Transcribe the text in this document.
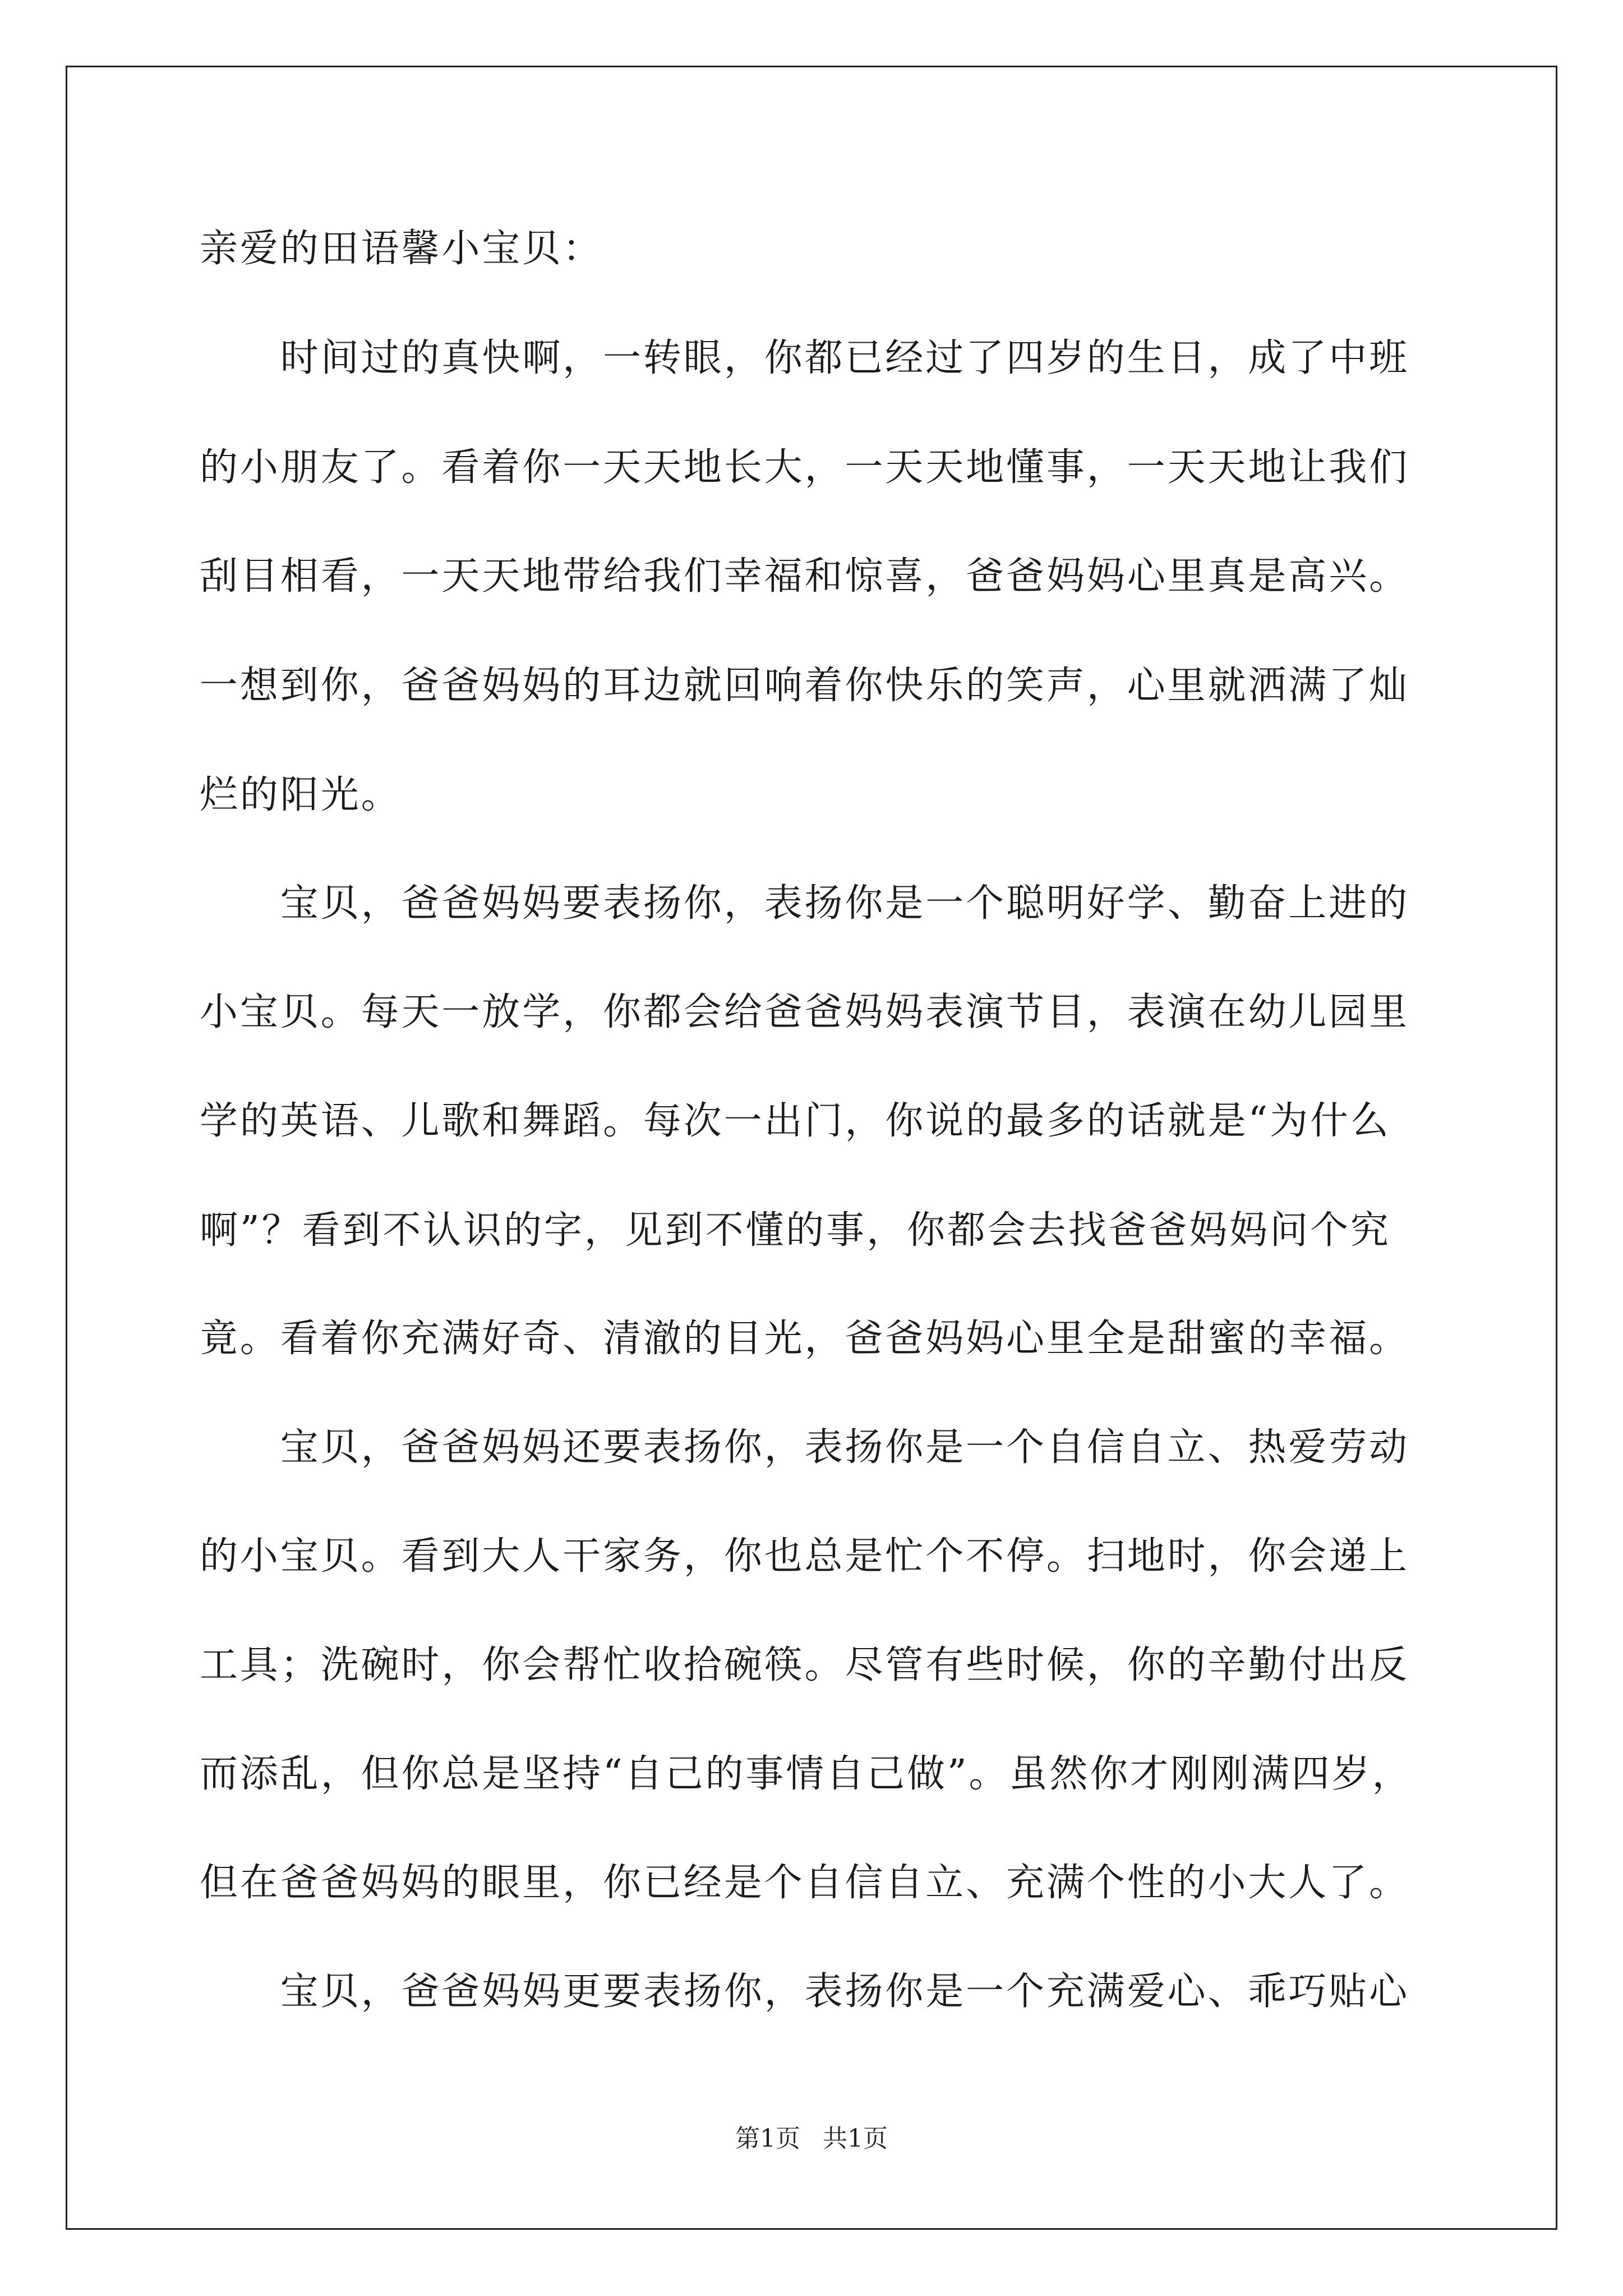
亲爱的田语馨小宝贝：

　　时间过的真快啊，一转眼，你都已经过了四岁的生日，成了中班

的小朋友了。看着你一天天地长大，一天天地懂事，一天天地让我们

刮目相看，一天天地带给我们幸福和惊喜，爸爸妈妈心里真是高兴。

一想到你，爸爸妈妈的耳边就回响着你快乐的笑声，心里就洒满了灿

烂的阳光。

　　宝贝，爸爸妈妈要表扬你，表扬你是一个聪明好学、勤奋上进的

小宝贝。每天一放学，你都会给爸爸妈妈表演节目，表演在幼儿园里

学的英语、儿歌和舞蹈。每次一出门，你说的最多的话就是“为什么

啊”？看到不认识的字，见到不懂的事，你都会去找爸爸妈妈问个究

竟。看着你充满好奇、清澈的目光，爸爸妈妈心里全是甜蜜的幸福。

　　宝贝，爸爸妈妈还要表扬你，表扬你是一个自信自立、热爱劳动

的小宝贝。看到大人干家务，你也总是忙个不停。扫地时，你会递上

工具；洗碗时，你会帮忙收拾碗筷。尽管有些时候，你的辛勤付出反

而添乱，但你总是坚持“自己的事情自己做”。虽然你才刚刚满四岁，

但在爸爸妈妈的眼里，你已经是个自信自立、充满个性的小大人了。

　　宝贝，爸爸妈妈更要表扬你，表扬你是一个充满爱心、乖巧贴心

第1页 共1页
